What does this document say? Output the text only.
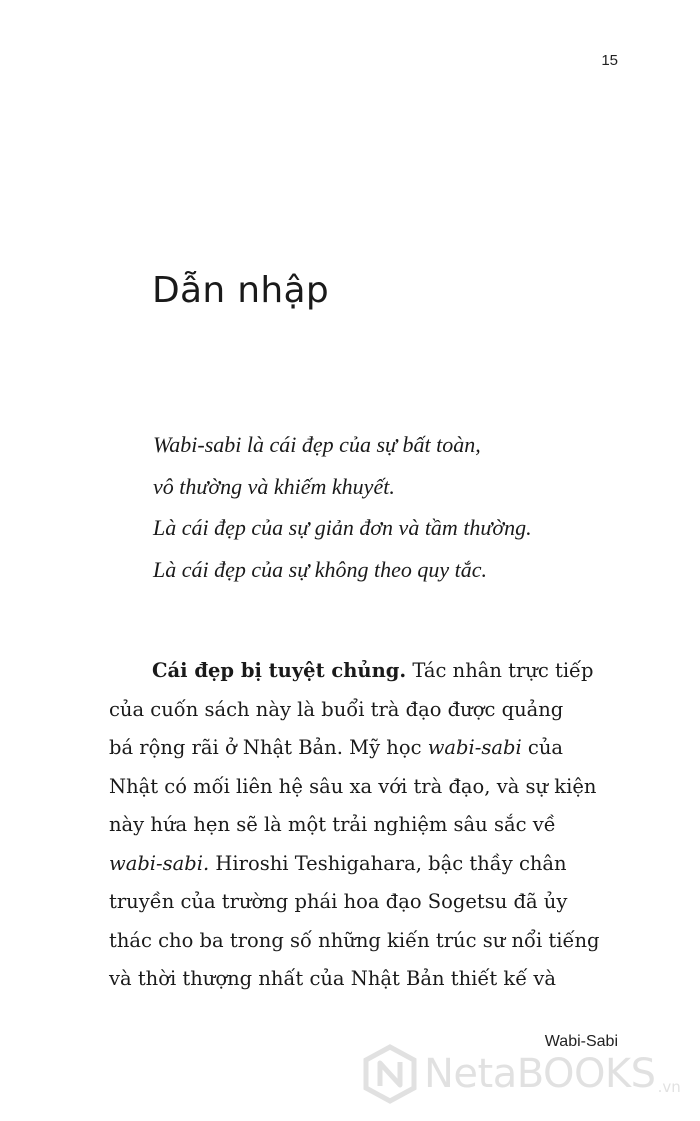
15
Dẫn nhập
Wabi-sabi là cái đẹp của sự bất toàn,
vô thường và khiếm khuyết.
Là cái đẹp của sự giản đơn và tầm thường.
Là cái đẹp của sự không theo quy tắc.
Cái đẹp bị tuyệt chủng. Tác nhân trực tiếp
của cuốn sách này là buổi trà đạo được quảng
bá rộng rãi ở Nhật Bản. Mỹ học wabi-sabi của
Nhật có mối liên hệ sâu xa với trà đạo, và sự kiện
này hứa hẹn sẽ là một trải nghiệm sâu sắc về
wabi-sabi. Hiroshi Teshigahara, bậc thầy chân
truyền của trường phái hoa đạo Sogetsu đã ủy
thác cho ba trong số những kiến trúc sư nổi tiếng
và thời thượng nhất của Nhật Bản thiết kế và
Wabi-Sabi
NetaBOOKS .vn
